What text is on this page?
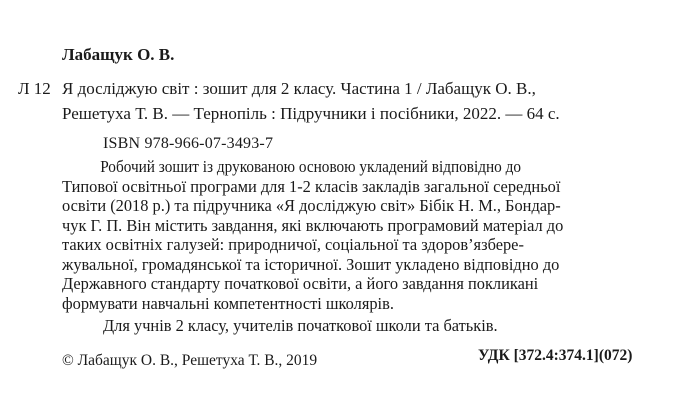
Лабащук О. В.
Л 12 Я досліджую світ : зошит для 2 класу. Частина 1 / Лабащук О. В.,
Решетуха Т. В. — Тернопіль : Підручники і посібники, 2022. — 64 с.
ISBN 978-966-07-3493-7
Робочий зошит із друкованою основою укладений відповідно до
Типової освітньої програми для 1-2 класів закладів загальної середньої
освіти (2018 р.) та підручника «Я досліджую світ» Бібік Н. М., Бондар-
чук Г. П. Він містить завдання, які включають програмовий матеріал до
таких освітніх галузей: природничої, соціальної та здоров’язбере-
жувальної, громадянської та історичної. Зошит укладено відповідно до
Державного стандарту початкової освіти, а його завдання покликані
формувати навчальні компетентності школярів.
Для учнів 2 класу, учителів початкової школи та батьків.
© Лабащук О. В., Решетуха Т. В., 2019	УДК [372.4:374.1](072)
